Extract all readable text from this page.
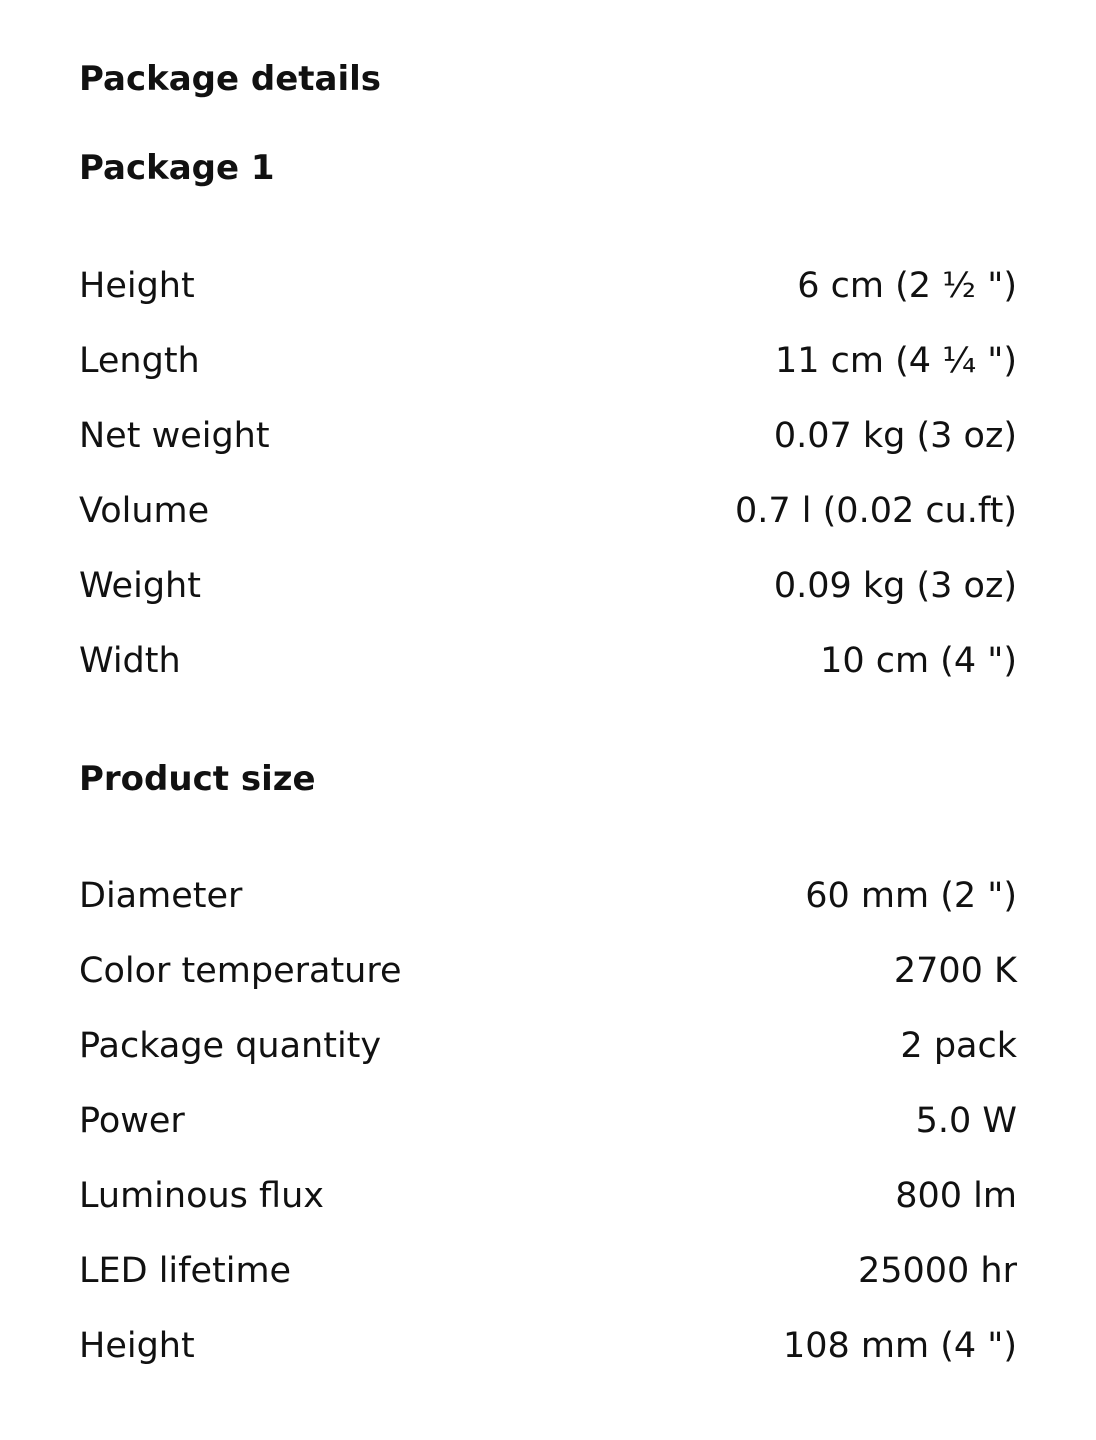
Package details
Package 1
Height	6 cm (2 ½ ")
Length	11 cm (4 ¼ ")
Net weight	0.07 kg (3 oz)
Volume	0.7 l (0.02 cu.ft)
Weight	0.09 kg (3 oz)
Width	10 cm (4 ")
Product size
Diameter	60 mm (2 ")
Color temperature	2700 K
Package quantity	2 pack
Power	5.0 W
Luminous flux	800 lm
LED lifetime	25000 hr
Height	108 mm (4 ")
